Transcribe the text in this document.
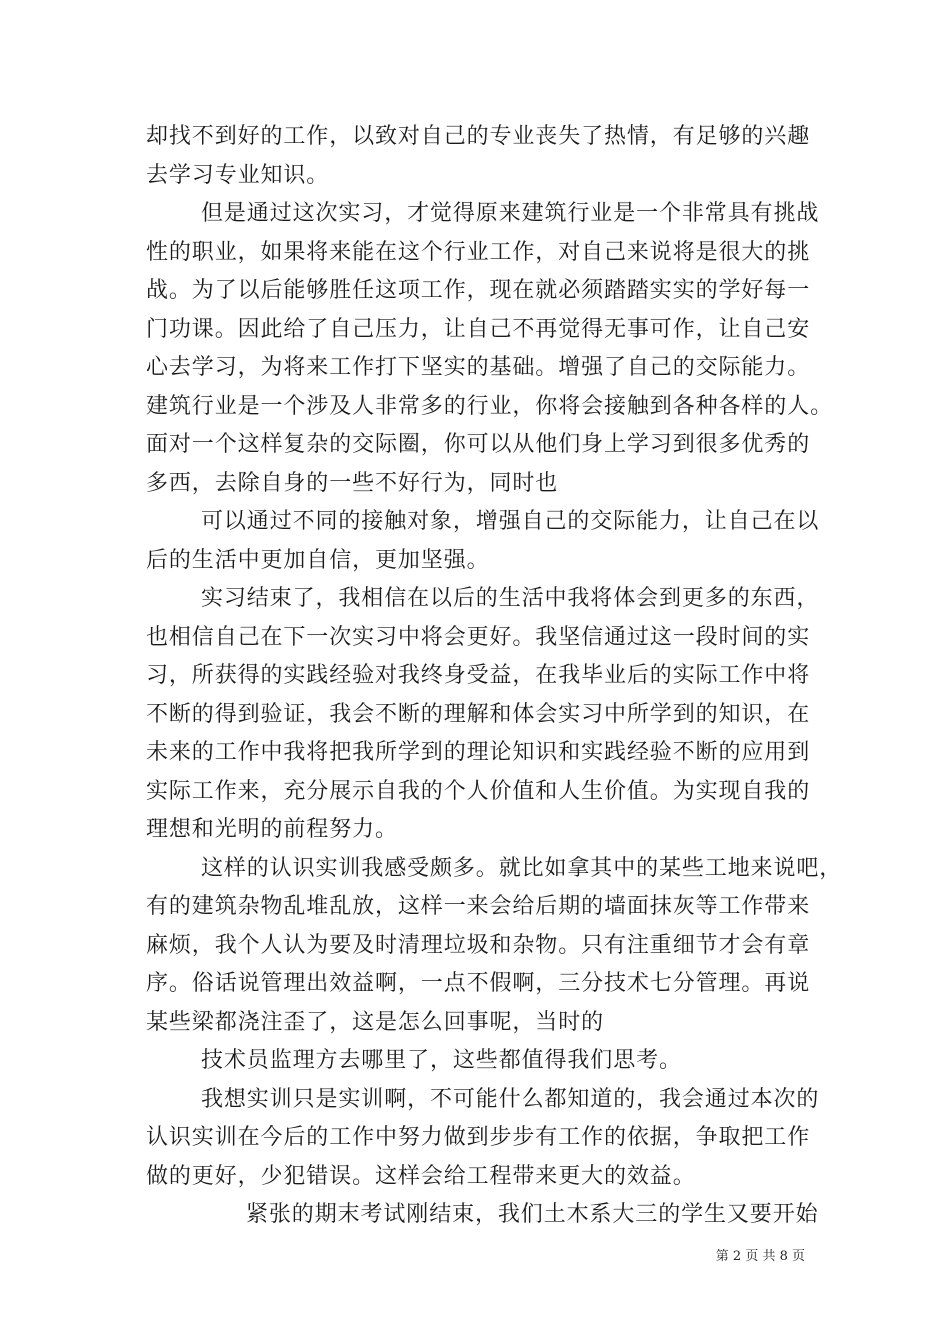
却找不到好的工作，以致对自己的专业丧失了热情，有足够的兴趣
去学习专业知识。
但是通过这次实习，才觉得原来建筑行业是一个非常具有挑战
性的职业，如果将来能在这个行业工作，对自己来说将是很大的挑
战。为了以后能够胜任这项工作，现在就必须踏踏实实的学好每一
门功课。因此给了自己压力，让自己不再觉得无事可作，让自己安
心去学习，为将来工作打下坚实的基础。增强了自己的交际能力。
建筑行业是一个涉及人非常多的行业，你将会接触到各种各样的人。
面对一个这样复杂的交际圈，你可以从他们身上学习到很多优秀的
多西，去除自身的一些不好行为，同时也
可以通过不同的接触对象，增强自己的交际能力，让自己在以
后的生活中更加自信，更加坚强。
实习结束了，我相信在以后的生活中我将体会到更多的东西，
也相信自己在下一次实习中将会更好。我坚信通过这一段时间的实
习，所获得的实践经验对我终身受益，在我毕业后的实际工作中将
不断的得到验证，我会不断的理解和体会实习中所学到的知识，在
未来的工作中我将把我所学到的理论知识和实践经验不断的应用到
实际工作来，充分展示自我的个人价值和人生价值。为实现自我的
理想和光明的前程努力。
这样的认识实训我感受颇多。就比如拿其中的某些工地来说吧，
有的建筑杂物乱堆乱放，这样一来会给后期的墙面抹灰等工作带来
麻烦，我个人认为要及时清理垃圾和杂物。只有注重细节才会有章
序。俗话说管理出效益啊，一点不假啊，三分技术七分管理。再说
某些梁都浇注歪了，这是怎么回事呢，当时的
技术员监理方去哪里了，这些都值得我们思考。
我想实训只是实训啊，不可能什么都知道的，我会通过本次的
认识实训在今后的工作中努力做到步步有工作的依据，争取把工作
做的更好，少犯错误。这样会给工程带来更大的效益。
紧张的期末考试刚结束，我们土木系大三的学生又要开始
第 2 页 共 8 页
